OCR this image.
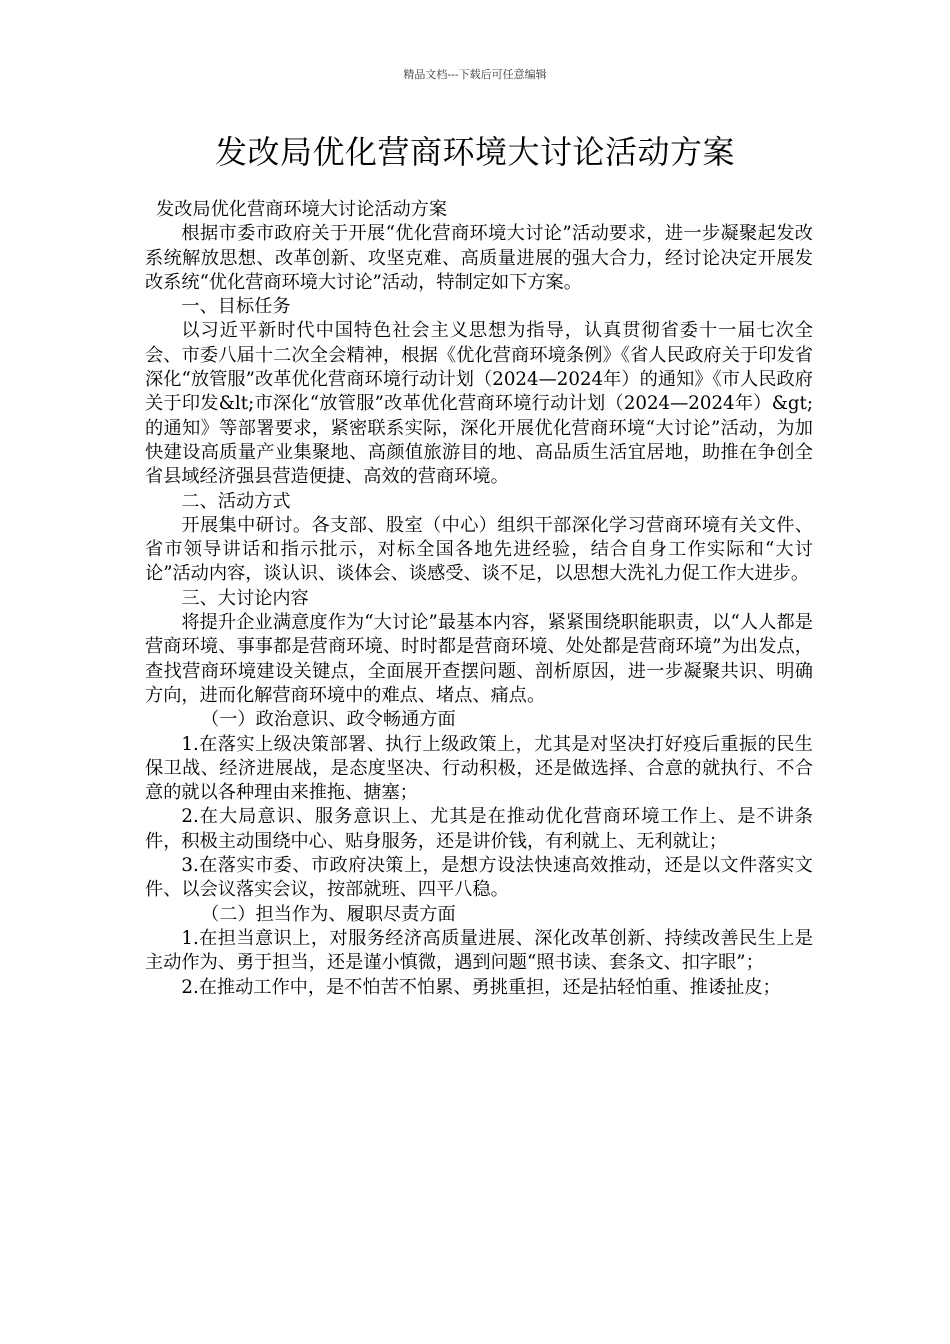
精品文档---下载后可任意编辑
发改局优化营商环境大讨论活动方案

发改局优化营商环境大讨论活动方案

根据市委市政府关于开展“优化营商环境大讨论”活动要求，进一步凝聚起发改系统解放思想、改革创新、攻坚克难、高质量进展的强大合力，经讨论决定开展发改系统“优化营商环境大讨论”活动，特制定如下方案。

一、目标任务

以习近平新时代中国特色社会主义思想为指导，认真贯彻省委十一届七次全会、市委八届十二次全会精神，根据《优化营商环境条例》《省人民政府关于印发省深化“放管服”改革优化营商环境行动计划（2024—2024年）的通知》《市人民政府关于印发&lt;市深化“放管服”改革优化营商环境行动计划（2024—2024年）&gt;的通知》等部署要求，紧密联系实际，深化开展优化营商环境“大讨论”活动，为加快建设高质量产业集聚地、高颜值旅游目的地、高品质生活宜居地，助推在争创全省县域经济强县营造便捷、高效的营商环境。

二、活动方式

开展集中研讨。各支部、股室（中心）组织干部深化学习营商环境有关文件、省市领导讲话和指示批示，对标全国各地先进经验，结合自身工作实际和“大讨论”活动内容，谈认识、谈体会、谈感受、谈不足，以思想大洗礼力促工作大进步。

三、大讨论内容

将提升企业满意度作为“大讨论”最基本内容，紧紧围绕职能职责，以“人人都是营商环境、事事都是营商环境、时时都是营商环境、处处都是营商环境”为出发点，查找营商环境建设关键点，全面展开查摆问题、剖析原因，进一步凝聚共识、明确方向，进而化解营商环境中的难点、堵点、痛点。

（一）政治意识、政令畅通方面

1.在落实上级决策部署、执行上级政策上，尤其是对坚决打好疫后重振的民生保卫战、经济进展战，是态度坚决、行动积极，还是做选择、合意的就执行、不合意的就以各种理由来推拖、搪塞；

2.在大局意识、服务意识上、尤其是在推动优化营商环境工作上、是不讲条件，积极主动围绕中心、贴身服务，还是讲价钱，有利就上、无利就让；

3.在落实市委、市政府决策上，是想方设法快速高效推动，还是以文件落实文件、以会议落实会议，按部就班、四平八稳。

（二）担当作为、履职尽责方面

1.在担当意识上，对服务经济高质量进展、深化改革创新、持续改善民生上是主动作为、勇于担当，还是谨小慎微，遇到问题“照书读、套条文、扣字眼”；

2.在推动工作中，是不怕苦不怕累、勇挑重担，还是拈轻怕重、推诿扯皮；
